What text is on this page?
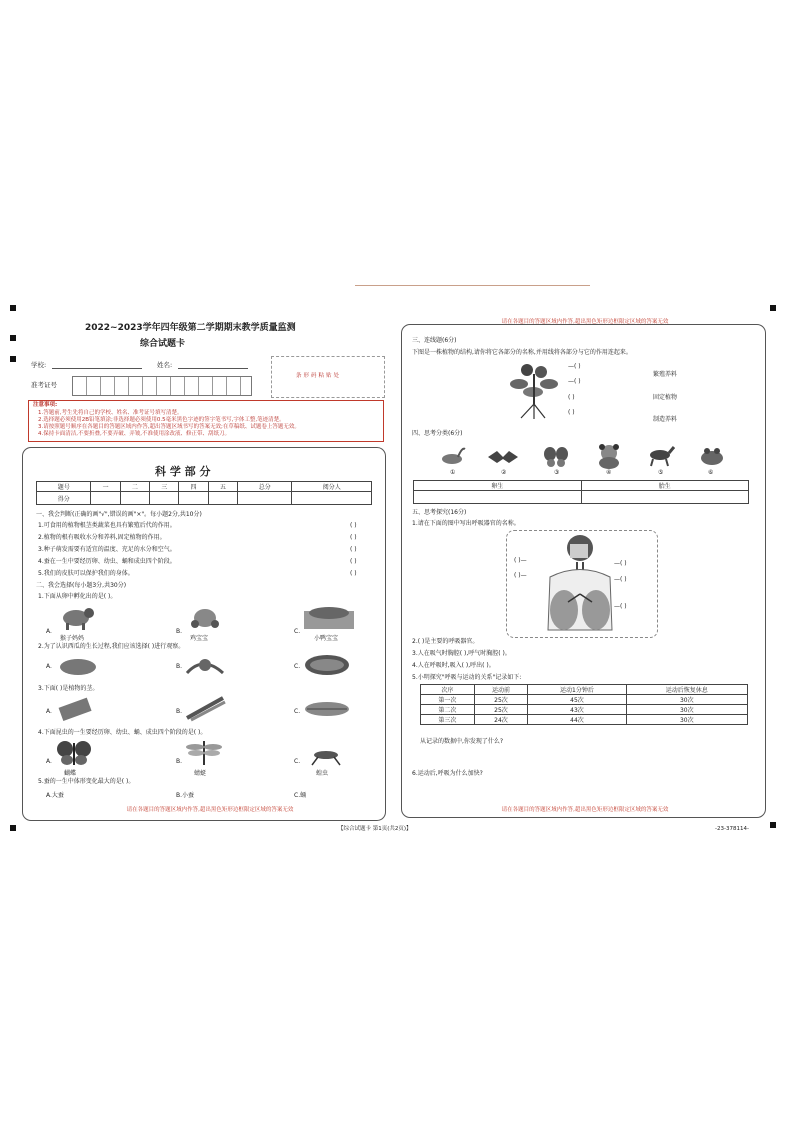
2022~2023学年四年级第二学期期末教学质量监测
综合试题卡
学校:	姓名:
准考证号
条形码粘贴处
注意事项:
1.答题前,考生先将自己的学校、姓名、准考证号填写清楚。
2.选择题必须使用2B铅笔填涂;非选择题必须使用0.5毫米黑色字迹的签字笔书写,字体工整,笔迹清楚。
3.请按照题号顺序在各题目的答题区域内作答,超出答题区域书写的答案无效;在草稿纸、试题卷上答题无效。
4.保持卡面清洁,不要折叠,不要弄破、弄皱,不准使用涂改液、修正带、刮纸刀。
科 学 部 分
题号	一	二	三	四	五	总分	阅分人
得分							
一、我会判断(正确的画"√",错误的画"×"。每小题2分,共10分)
1.可食用的植物根茎类蔬菜也具有繁殖后代的作用。
2.植物的根有吸收水分和养料,固定植物的作用。
3.种子萌发需要有适宜的温度、充足的水分和空气。
4.蚕在一生中要经历卵、幼虫、蛹和成虫四个阶段。
5.我们的皮肤可以保护我们的身体。
( )
( )
( )
( )
( )
二、我会选择(每小题3分,共30分)
1.下面从卵中孵化出的是( )。
A.
猴子妈妈
B.
鸡宝宝
C.
小鸭宝宝
2.为了认识西瓜的生长过程,我们应该选择( )进行观察。
A.	B.	C.
3.下面( )是植物的茎。
A.	B.	C.
4.下面昆虫的一生要经历卵、幼虫、蛹、成虫四个阶段的是( )。
A.
蝴蝶
B.
蜻蜓
C.
蝗虫
5.蚕的一生中体形变化最大的是( )。
A.大蚕	B.小蚕	C.蛹
请在各题目的答题区域内作答,超出黑色矩形边框限定区域的答案无效
请在各题目的答题区域内作答,超出黑色矩形边框限定区域的答案无效
三、连线题(6分)
下图是一株植物的结构,请你将它各部分的名称,并用线将各部分与它的作用连起来。
—( )
—( )
( )
( )
繁殖养料
固定植物
制造养料
四、思考分类(6分)
①	②	③	④	⑤	⑥
卵生	胎生

五、思考探究(16分)
1.请在下面的图中写出呼吸器官的名称。
( )—
( )—
—( )
—( )
—( )
2.( )是主要的呼吸器官。
3.人在吸气时胸腔( ),呼气时胸腔( )。
4.人在呼吸时,吸入( ),呼出( )。
5.小明探究"呼吸与运动的关系"记录如下:
次序	运动前	运动1分钟后	运动后恢复休息
第一次	25次	45次	30次
第二次	25次	43次	30次
第三次	24次	44次	30次
从记录的数据中,你发现了什么?
6.运动后,呼吸为什么加快?
请在各题目的答题区域内作答,超出黑色矩形边框限定区域的答案无效
【综合试题卡 第1页(共2页)】	-23-378114-
